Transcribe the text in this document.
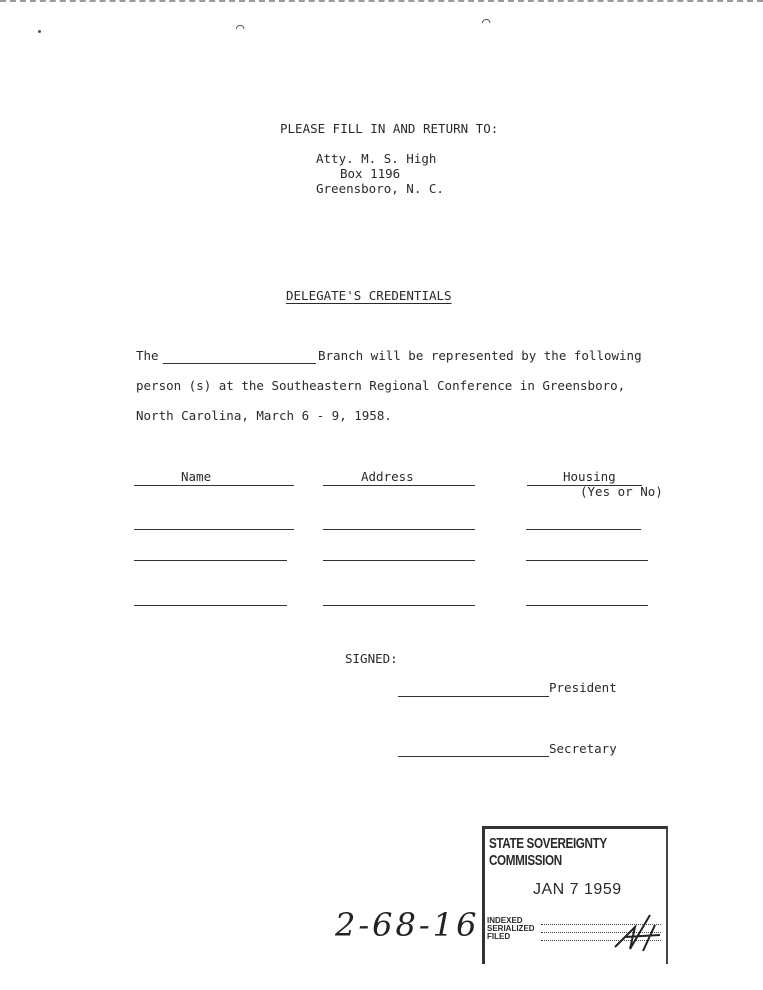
⌒	⌒
PLEASE FILL IN AND RETURN TO:
Atty. M. S. High
Box 1196
Greensboro, N. C.
DELEGATE'S CREDENTIALS
The	Branch will be represented by the following
person (s) at the Southeastern Regional Conference in Greensboro,
North Carolina, March 6 - 9, 1958.
Name	Address	Housing
(Yes or No)
SIGNED:
President
Secretary
STATE SOVEREIGNTY COMMISSION
JAN 7 1959
INDEXED
SERIALIZED
FILED
2-68-16
